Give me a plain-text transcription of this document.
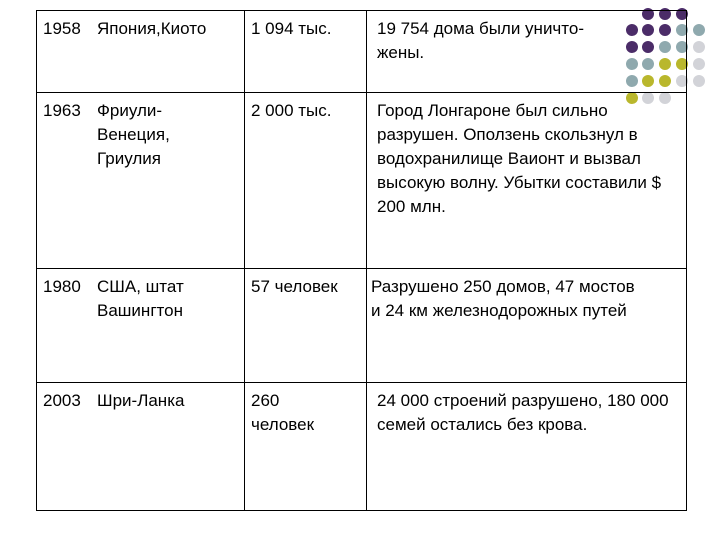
1958 Япония,Киото	1 094 тыс.	19 754 дома были уничто-жены.

1963 Фриули-Венеция, Гриулия	2 000 тыс.	Город Лонгароне был сильно разрушен. Оползень скользнул в водохранилище Ваионт и вызвал высокую волну. Убытки составили $ 200 млн.

1980 США, штат Вашингтон	57 человек	Разрушено 250 домов, 47 мостов и 24 км железнодорожных путей

2003 Шри-Ланка	260 человек	24 000 строений разрушено, 180 000 семей остались без крова.
